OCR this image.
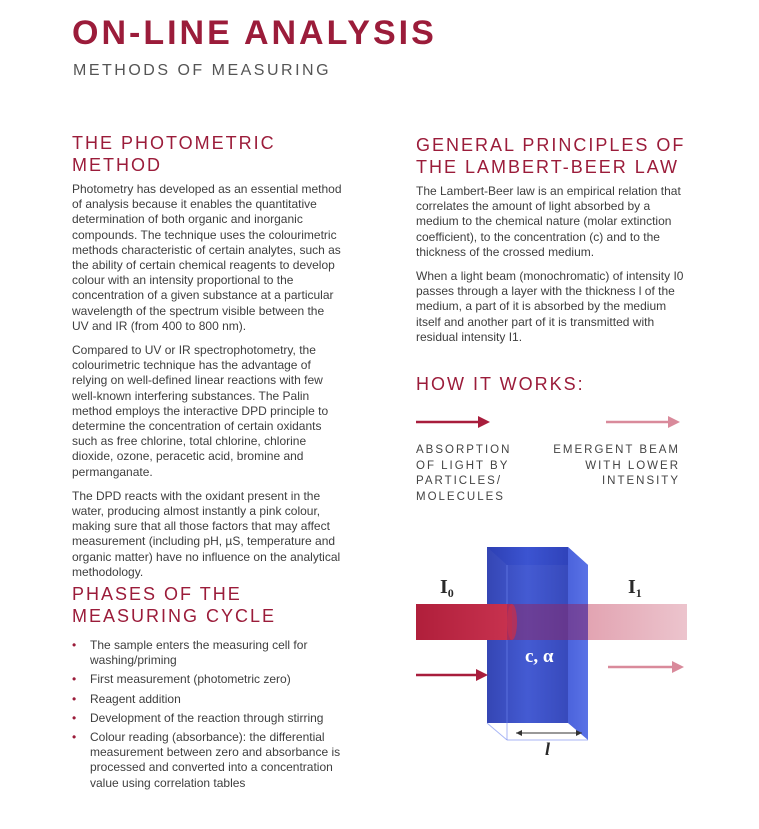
ON-LINE ANALYSIS
METHODS OF MEASURING
THE PHOTOMETRIC
METHOD

Photometry has developed as an essential method of analysis because it enables the quantitative determination of both organic and inorganic compounds. The technique uses the colourimetric methods characteristic of certain analytes, such as the ability of certain chemical reagents to develop colour with an intensity proportional to the concentration of a given substance at a particular wavelength of the spectrum visible between the UV and IR (from 400 to 800 nm).

Compared to UV or IR spectrophotometry, the colourimetric technique has the advantage of relying on well-defined linear reactions with few well-known interfering substances. The Palin method employs the interactive DPD principle to determine the concentration of certain oxidants such as free chlorine, total chlorine, chlorine dioxide, ozone, peracetic acid, bromine and permanganate.

The DPD reacts with the oxidant present in the water, producing almost instantly a pink colour, making sure that all those factors that may affect measurement (including pH, µS, temperature and organic matter) have no influence on the analytical methodology.

PHASES OF THE
MEASURING CYCLE
• The sample enters the measuring cell for washing/priming
• First measurement (photometric zero)
• Reagent addition
• Development of the reaction through stirring
• Colour reading (absorbance): the differential measurement between zero and absorbance is processed and converted into a concentration value using correlation tables
GENERAL PRINCIPLES OF
THE LAMBERT-BEER LAW

The Lambert-Beer law is an empirical relation that correlates the amount of light absorbed by a medium to the chemical nature (molar extinction coefficient), to the concentration (c) and to the thickness of the crossed medium.

When a light beam (monochromatic) of intensity I0 passes through a layer with the thickness l of the medium, a part of it is absorbed by the medium itself and another part of it is transmitted with residual intensity I1.

HOW IT WORKS:
ABSORPTION
OF LIGHT BY
PARTICLES/
MOLECULES
EMERGENT BEAM
WITH LOWER
INTENSITY
$I_0$	$I_1$
c, α
l
